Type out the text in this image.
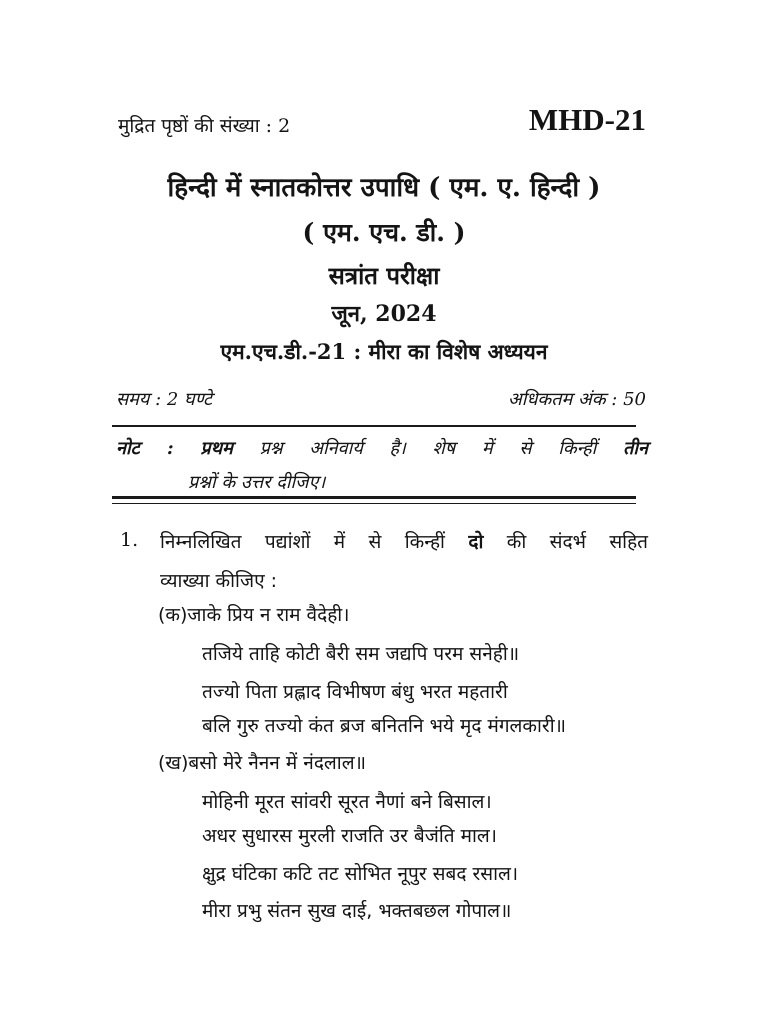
मुद्रित पृष्ठों की संख्या : 2	MHD-21
हिन्दी में स्नातकोत्तर उपाधि ( एम. ए. हिन्दी )
( एम. एच. डी. )
सत्रांत परीक्षा
जून, 2024
एम.एच.डी.-21 : मीरा का विशेष अध्ययन
समय : 2 घण्टे	अधिकतम अंक : 50
नोट : प्रथम प्रश्न अनिवार्य है। शेष में से किन्हीं तीन
प्रश्नों के उत्तर दीजिए।
1. निम्नलिखित पद्यांशों में से किन्हीं दो की संदर्भ सहित
व्याख्या कीजिए :
(क)जाके प्रिय न राम वैदेही।
तजिये ताहि कोटी बैरी सम जद्यपि परम सनेही॥
तज्यो पिता प्रह्लाद विभीषण बंधु भरत महतारी
बलि गुरु तज्यो कंत ब्रज बनितनि भये मृद मंगलकारी॥
(ख)बसो मेरे नैनन में नंदलाल॥
मोहिनी मूरत सांवरी सूरत नैणां बने बिसाल।
अधर सुधारस मुरली राजति उर बैजंति माल।
क्षुद्र घंटिका कटि तट सोभित नूपुर सबद रसाल।
मीरा प्रभु संतन सुख दाई, भक्तबछल गोपाल॥
